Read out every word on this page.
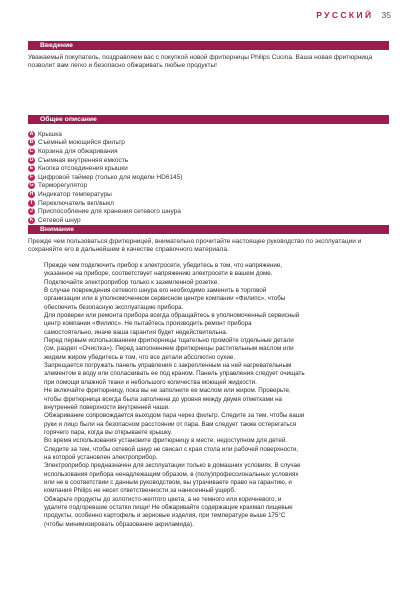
РУССКИЙ 35
Введение
Уважаемый покупатель, поздравляем вас с покупкой новой фритюрницы Philips Cucina. Ваша новая фритюрница позволит вам легко и безопасно обжаривать любые продукты!
Общее описание
A Крышка
B Съемный моющийся фильтр
C Корзина для обжаривания
D Съемная внутренняя емкость
E Кнопка отсоединения крышки
F Цифровой таймер (только для модели HD6145)
G Терморегулятор
H Индикатор температуры
I Переключатель вкл/выкл
J Приспособление для хранения сетевого шнура
K Сетевой шнур
Внимание
Прежде чем пользоваться фритюрницей, внимательно прочитайте настоящее руководство по эксплуатации и сохраняйте его в дальнейшем в качестве справочного материала.

Прежде чем подключить прибор к электросети, убедитесь в том, что напряжение,

указанное на приборе, соответствует напряжению электросети в вашем доме.

Подключайте электроприбор только к заземленной розетке.

В случае повреждения сетевого шнура его необходимо заменить в торговой

организации или в уполномоченном сервисном центре компании «Филипс», чтобы

обеспечить безопасную эксплуатацию прибора.

Для проверки или ремонта прибора всегда обращайтесь в уполномоченный сервисный

центр компании «Филипс». Не пытайтесь производить ремонт прибора

самостоятельно, иначе ваша гарантия будет недействительна.

Перед первым использованием фритюрницы тщательно промойте отдельные детали

(см. раздел «Очистка»). Перед заполнением фритюрницы растительным маслом или

жидким жиром убедитесь в том, что все детали абсолютно сухие.

Запрещается погружать панель управления с закрепленным на ней нагревательным

элементом в воду или споласкивать ее под краном. Панель управления следует очищать

при помощи влажной ткани и небольшого количества моющей жидкости.

Не включайте фритюрницу, пока вы не заполните ее маслом или жиром. Проверьте,

чтобы фритюрница всегда была заполнена до уровня между двумя отметками на

внутренней поверхности внутренней чаши.

Обжаривание сопровождается выходом пара через фильтр. Следите за тем, чтобы ваши

руки и лицо были на безопасном расстоянии от пара. Вам следует также остерегаться

горячего пара, когда вы открываете крышку.

Во время использования установите фритюрницу в месте, недоступном для детей.

Следите за тем, чтобы сетевой шнур не свисал с края стола или рабочей поверхности,

на которой установлен электроприбор.

Электроприбор предназначен для эксплуатации только в домашних условиях. В случае

использования прибора ненадлежащим образом, в (полу)профессиональных условиях

или не в соответствии с данным руководством, вы утрачиваете право на гарантию, и

компания Philips не несет ответственности за нанесенный ущерб.

Обжарьте продукты до золотисто-желтого цвета, а не темного или коричневого, и

удалите подгоревшие остатки пищи! Не обжаривайте содержащие крахмал пищевые

продукты, особенно картофель и зерновые изделия, при температуре выше 175°C

(чтобы минимизировать образование акриламида).
